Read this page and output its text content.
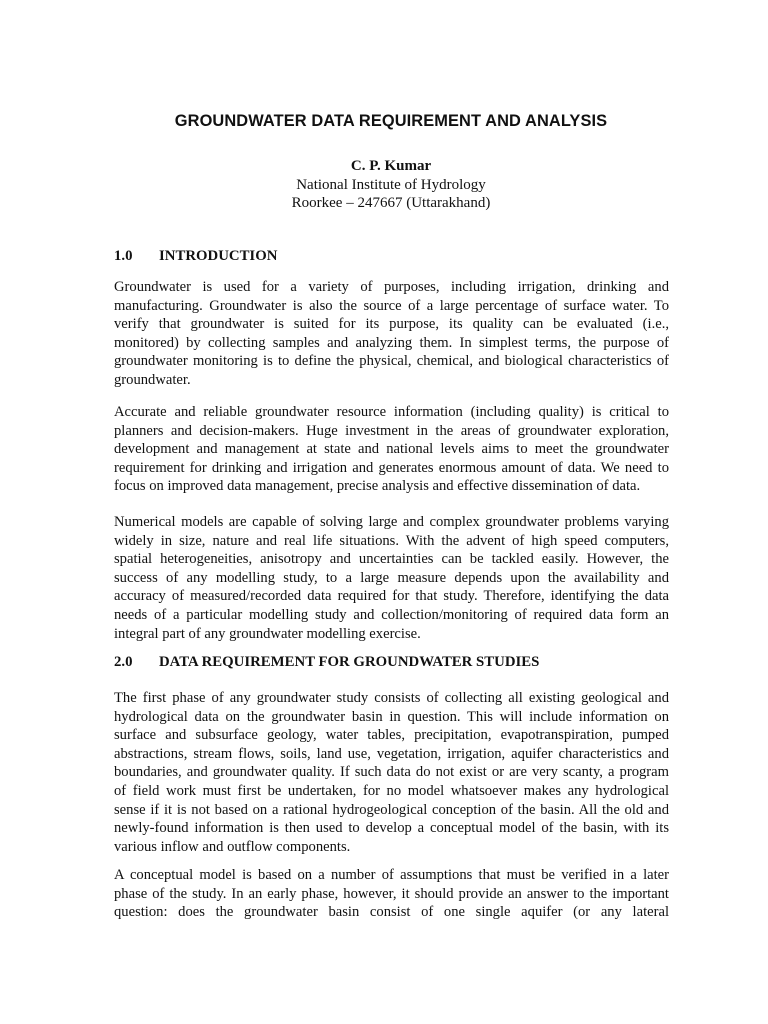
GROUNDWATER DATA REQUIREMENT AND ANALYSIS
C. P. Kumar
National Institute of Hydrology
Roorkee – 247667 (Uttarakhand)
1.0 INTRODUCTION
Groundwater is used for a variety of purposes, including irrigation, drinking and
manufacturing. Groundwater is also the source of a large percentage of surface water. To
verify that groundwater is suited for its purpose, its quality can be evaluated (i.e.,
monitored) by collecting samples and analyzing them. In simplest terms, the purpose of
groundwater monitoring is to define the physical, chemical, and biological characteristics of
groundwater.
Accurate and reliable groundwater resource information (including quality) is critical to
planners and decision-makers. Huge investment in the areas of groundwater exploration,
development and management at state and national levels aims to meet the groundwater
requirement for drinking and irrigation and generates enormous amount of data. We need to
focus on improved data management, precise analysis and effective dissemination of data.
Numerical models are capable of solving large and complex groundwater problems varying
widely in size, nature and real life situations. With the advent of high speed computers,
spatial heterogeneities, anisotropy and uncertainties can be tackled easily. However, the
success of any modelling study, to a large measure depends upon the availability and
accuracy of measured/recorded data required for that study. Therefore, identifying the data
needs of a particular modelling study and collection/monitoring of required data form an
integral part of any groundwater modelling exercise.
2.0 DATA REQUIREMENT FOR GROUNDWATER STUDIES
The first phase of any groundwater study consists of collecting all existing geological and
hydrological data on the groundwater basin in question. This will include information on
surface and subsurface geology, water tables, precipitation, evapotranspiration, pumped
abstractions, stream flows, soils, land use, vegetation, irrigation, aquifer characteristics and
boundaries, and groundwater quality. If such data do not exist or are very scanty, a program
of field work must first be undertaken, for no model whatsoever makes any hydrological
sense if it is not based on a rational hydrogeological conception of the basin. All the old and
newly-found information is then used to develop a conceptual model of the basin, with its
various inflow and outflow components.
A conceptual model is based on a number of assumptions that must be verified in a later
phase of the study. In an early phase, however, it should provide an answer to the important
question: does the groundwater basin consist of one single aquifer (or any lateral
